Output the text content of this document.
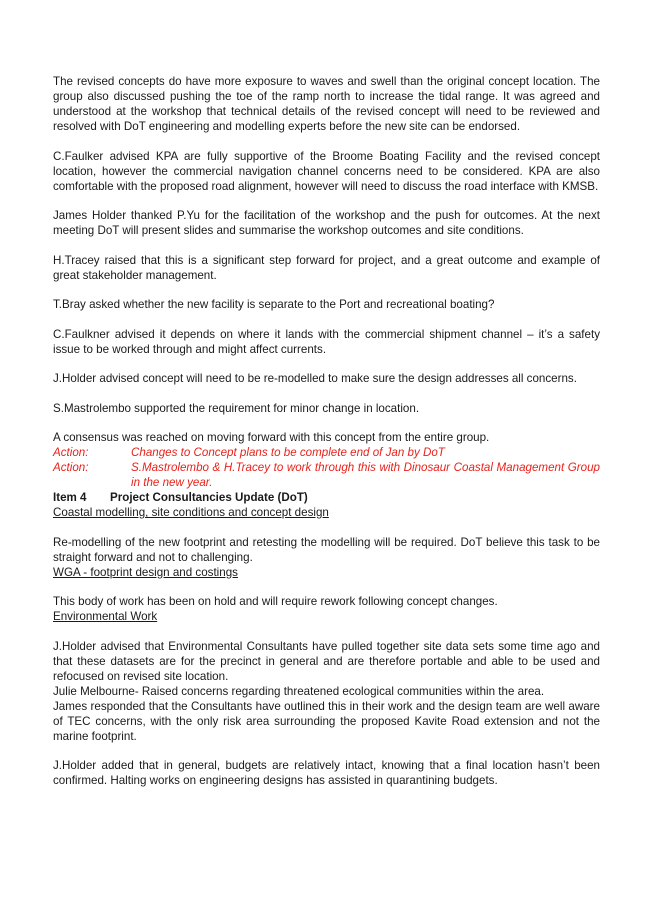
The revised concepts do have more exposure to waves and swell than the original concept location. The group also discussed pushing the toe of the ramp north to increase the tidal range. It was agreed and understood at the workshop that technical details of the revised concept will need to be reviewed and resolved with DoT engineering and modelling experts before the new site can be endorsed.

C.Faulker advised KPA are fully supportive of the Broome Boating Facility and the revised concept location, however the commercial navigation channel concerns need to be considered. KPA are also comfortable with the proposed road alignment, however will need to discuss the road interface with KMSB.

James Holder thanked P.Yu for the facilitation of the workshop and the push for outcomes. At the next meeting DoT will present slides and summarise the workshop outcomes and site conditions.

H.Tracey raised that this is a significant step forward for project, and a great outcome and example of great stakeholder management.

T.Bray asked whether the new facility is separate to the Port and recreational boating?

C.Faulkner advised it depends on where it lands with the commercial shipment channel – it’s a safety issue to be worked through and might affect currents.

J.Holder advised concept will need to be re-modelled to make sure the design addresses all concerns.

S.Mastrolembo supported the requirement for minor change in location.

A consensus was reached on moving forward with this concept from the entire group.

Action:	Changes to Concept plans to be complete end of Jan by DoT
Action:	S.Mastrolembo & H.Tracey to work through this with Dinosaur Coastal Management Group in the new year.
Item 4	Project Consultancies Update (DoT)

Coastal modelling, site conditions and concept design

Re-modelling of the new footprint and retesting the modelling will be required. DoT believe this task to be straight forward and not to challenging.

WGA - footprint design and costings

This body of work has been on hold and will require rework following concept changes.

Environmental Work

J.Holder advised that Environmental Consultants have pulled together site data sets some time ago and that these datasets are for the precinct in general and are therefore portable and able to be used and refocused on revised site location.

Julie Melbourne- Raised concerns regarding threatened ecological communities within the area.

James responded that the Consultants have outlined this in their work and the design team are well aware of TEC concerns, with the only risk area surrounding the proposed Kavite Road extension and not the marine footprint.

J.Holder added that in general, budgets are relatively intact, knowing that a final location hasn’t been confirmed. Halting works on engineering designs has assisted in quarantining budgets.
